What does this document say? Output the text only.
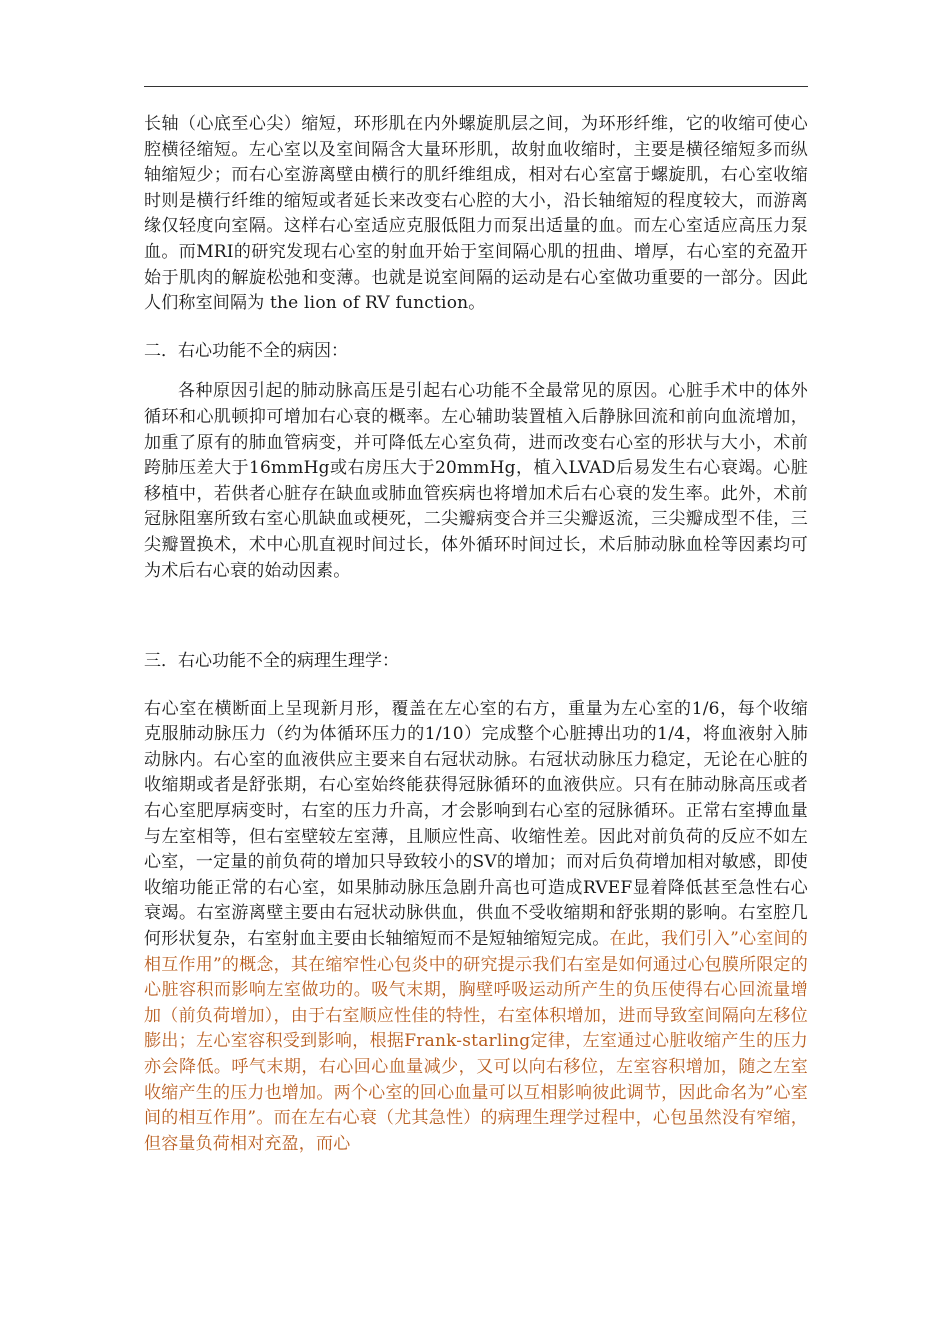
长轴（心底至心尖）缩短，环形肌在内外螺旋肌层之间，为环形纤维，它的收缩可使心腔横径缩短。左心室以及室间隔含大量环形肌，故射血收缩时，主要是横径缩短多而纵轴缩短少；而右心室游离壁由横行的肌纤维组成，相对右心室富于螺旋肌，右心室收缩时则是横行纤维的缩短或者延长来改变右心腔的大小，沿长轴缩短的程度较大，而游离缘仅轻度向室隔。这样右心室适应克服低阻力而泵出适量的血。而左心室适应高压力泵血。而MRI的研究发现右心室的射血开始于室间隔心肌的扭曲、增厚，右心室的充盈开始于肌肉的解旋松弛和变薄。也就是说室间隔的运动是右心室做功重要的一部分。因此人们称室间隔为 the lion of RV function。

二．右心功能不全的病因：

各种原因引起的肺动脉高压是引起右心功能不全最常见的原因。心脏手术中的体外循环和心肌顿抑可增加右心衰的概率。左心辅助装置植入后静脉回流和前向血流增加，加重了原有的肺血管病变，并可降低左心室负荷，进而改变右心室的形状与大小，术前跨肺压差大于16mmHg或右房压大于20mmHg，植入LVAD后易发生右心衰竭。心脏移植中，若供者心脏存在缺血或肺血管疾病也将增加术后右心衰的发生率。此外，术前冠脉阻塞所致右室心肌缺血或梗死，二尖瓣病变合并三尖瓣返流，三尖瓣成型不佳，三尖瓣置换术，术中心肌直视时间过长，体外循环时间过长，术后肺动脉血栓等因素均可为术后右心衰的始动因素。

三．右心功能不全的病理生理学：

右心室在横断面上呈现新月形，覆盖在左心室的右方，重量为左心室的1/6，每个收缩克服肺动脉压力（约为体循环压力的1/10）完成整个心脏搏出功的1/4，将血液射入肺动脉内。右心室的血液供应主要来自右冠状动脉。右冠状动脉压力稳定，无论在心脏的收缩期或者是舒张期，右心室始终能获得冠脉循环的血液供应。只有在肺动脉高压或者右心室肥厚病变时，右室的压力升高，才会影响到右心室的冠脉循环。正常右室搏血量与左室相等，但右室壁较左室薄，且顺应性高、收缩性差。因此对前负荷的反应不如左心室，一定量的前负荷的增加只导致较小的SV的增加；而对后负荷增加相对敏感，即使收缩功能正常的右心室，如果肺动脉压急剧升高也可造成RVEF显着降低甚至急性右心衰竭。右室游离壁主要由右冠状动脉供血，供血不受收缩期和舒张期的影响。右室腔几何形状复杂，右室射血主要由长轴缩短而不是短轴缩短完成。在此，我们引入”心室间的相互作用”的概念，其在缩窄性心包炎中的研究提示我们右室是如何通过心包膜所限定的心脏容积而影响左室做功的。吸气末期，胸壁呼吸运动所产生的负压使得右心回流量增加（前负荷增加），由于右室顺应性佳的特性，右室体积增加，进而导致室间隔向左移位膨出；左心室容积受到影响，根据Frank-starling定律，左室通过心脏收缩产生的压力亦会降低。呼气末期，右心回心血量减少，又可以向右移位，左室容积增加，随之左室收缩产生的压力也增加。两个心室的回心血量可以互相影响彼此调节，因此命名为”心室间的相互作用”。而在左右心衰（尤其急性）的病理生理学过程中，心包虽然没有窄缩，但容量负荷相对充盈，而心
